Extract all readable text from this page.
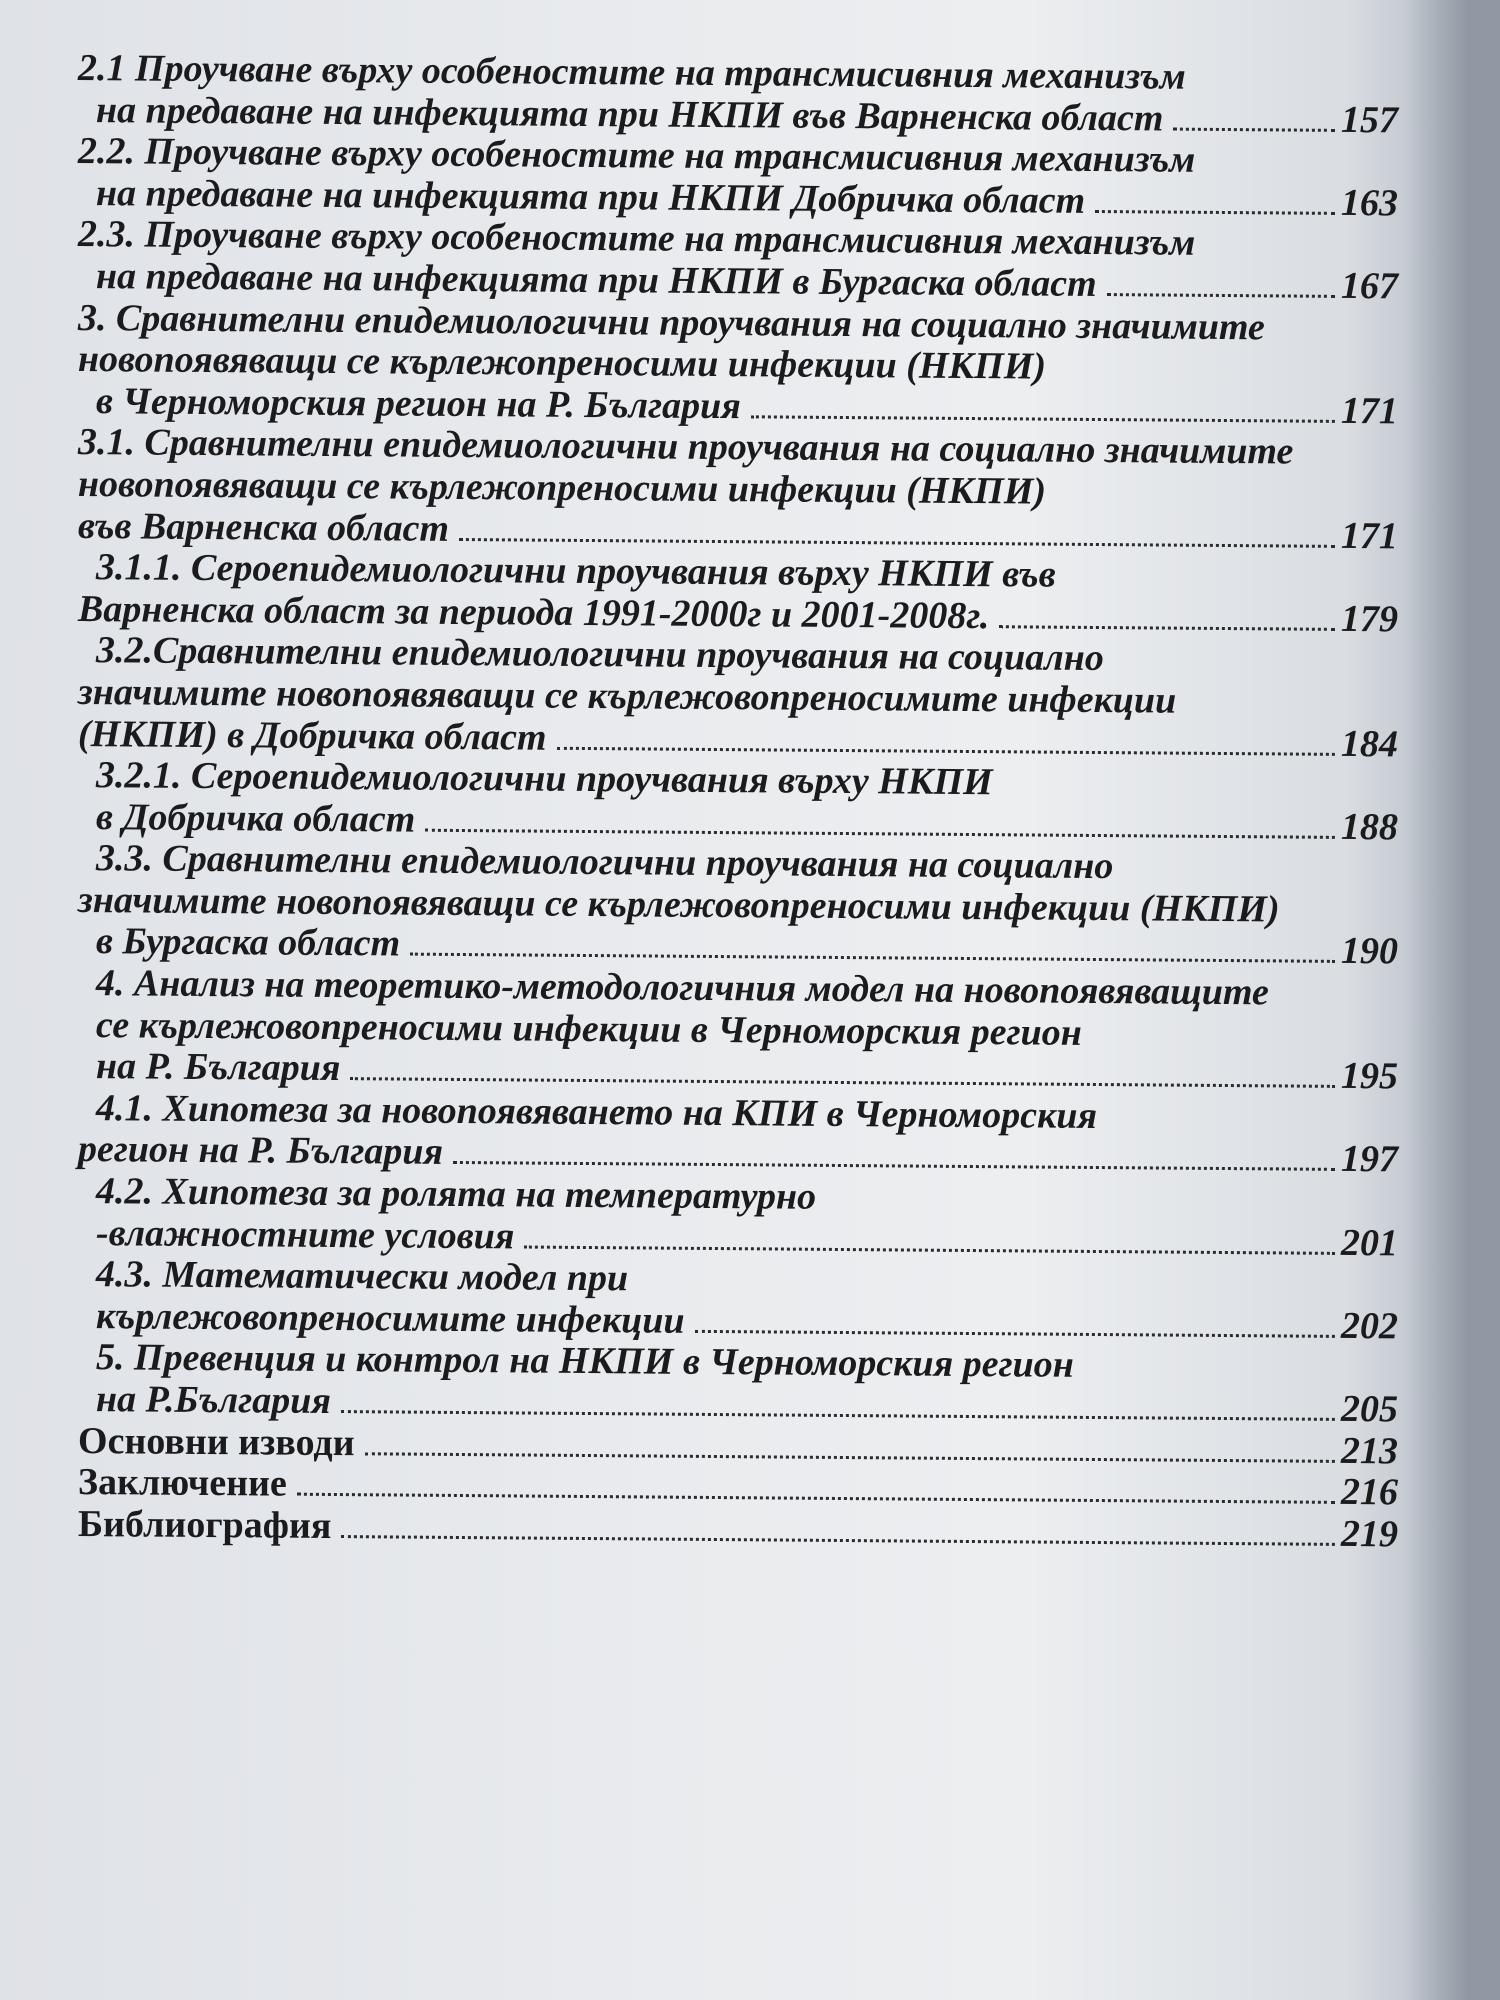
2.1 Проучване върху особеностите на трансмисивния механизъм
на предаване на инфекцията при НКПИ във Варненска област	157
2.2. Проучване върху особеностите на трансмисивния механизъм
на предаване на инфекцията при НКПИ Добричка област	163
2.3. Проучване върху особеностите на трансмисивния механизъм
на предаване на инфекцията при НКПИ в Бургаска област	167
3. Сравнителни епидемиологични проучвания на социално значимите
новопоявяващи се кърлежопреносими инфекции (НКПИ)
в Черноморския регион на Р. България	171
3.1. Сравнителни епидемиологични проучвания на социално значимите
новопоявяващи се кърлежопреносими инфекции (НКПИ)
във Варненска област	171
3.1.1. Сероепидемиологични проучвания върху НКПИ във
Варненска област за периода 1991-2000г и 2001-2008г.	179
3.2.Сравнителни епидемиологични проучвания на социално
значимите новопоявяващи се кърлежовопреносимите инфекции
(НКПИ) в Добричка област	184
3.2.1. Сероепидемиологични проучвания върху НКПИ
в Добричка област	188
3.3. Сравнителни епидемиологични проучвания на социално
значимите новопоявяващи се кърлежовопреносими инфекции (НКПИ)
в Бургаска област	190
4. Анализ на теоретико-методологичния модел на новопоявяващите
се кърлежовопреносими инфекции в Черноморския регион
на Р. България	195
4.1. Хипотеза за новопоявяването на КПИ в Черноморския
регион на Р. България	197
4.2. Хипотеза за ролята на температурно
-влажностните условия	201
4.3. Математически модел при
кърлежовопреносимите инфекции	202
5. Превенция и контрол на НКПИ в Черноморския регион
на Р.България	205
Основни изводи	213
Заключение	216
Библиография	219
